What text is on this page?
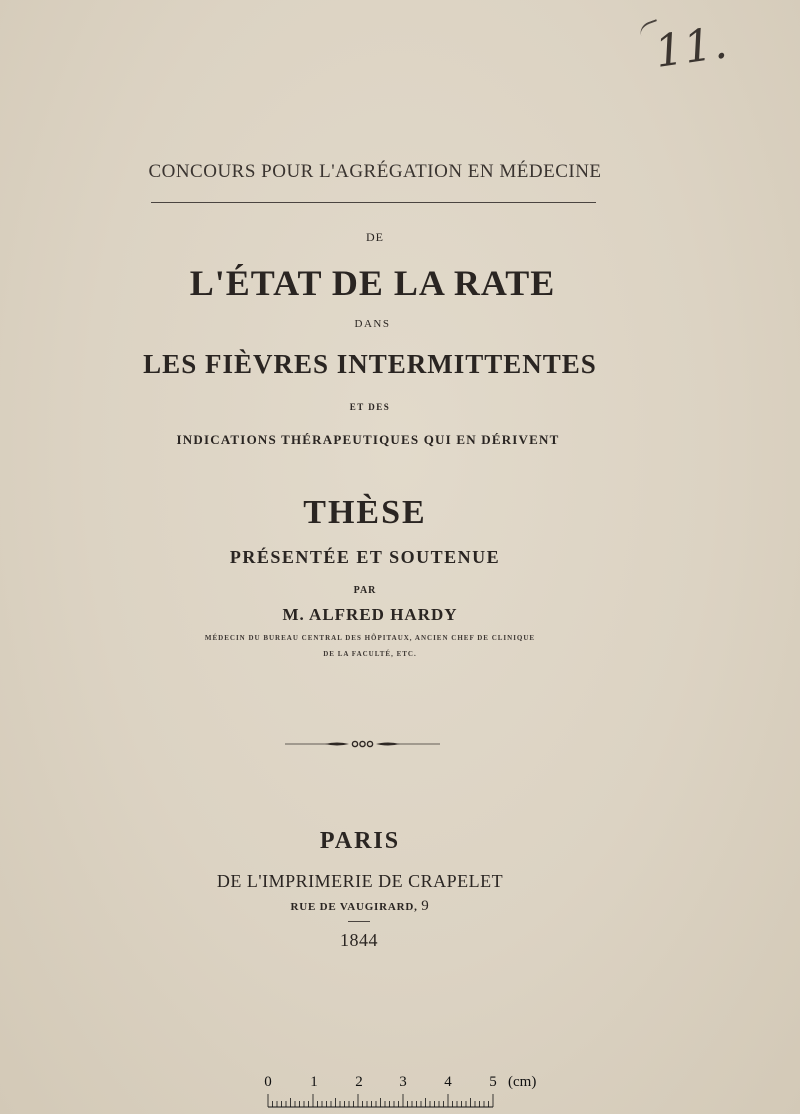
11.
CONCOURS POUR L'AGRÉGATION EN MÉDECINE
DE
L'ÉTAT DE LA RATE
DANS
LES FIÈVRES INTERMITTENTES
ET DES
INDICATIONS THÉRAPEUTIQUES QUI EN DÉRIVENT
THÈSE
PRÉSENTÉE ET SOUTENUE
PAR
M. ALFRED HARDY
MÉDECIN DU BUREAU CENTRAL DES HÔPITAUX, ANCIEN CHEF DE CLINIQUE
DE LA FACULTÉ, ETC.
PARIS
DE L'IMPRIMERIE DE CRAPELET
RUE DE VAUGIRARD, 9
1844
0	1	2 3	4	5 (cm)
